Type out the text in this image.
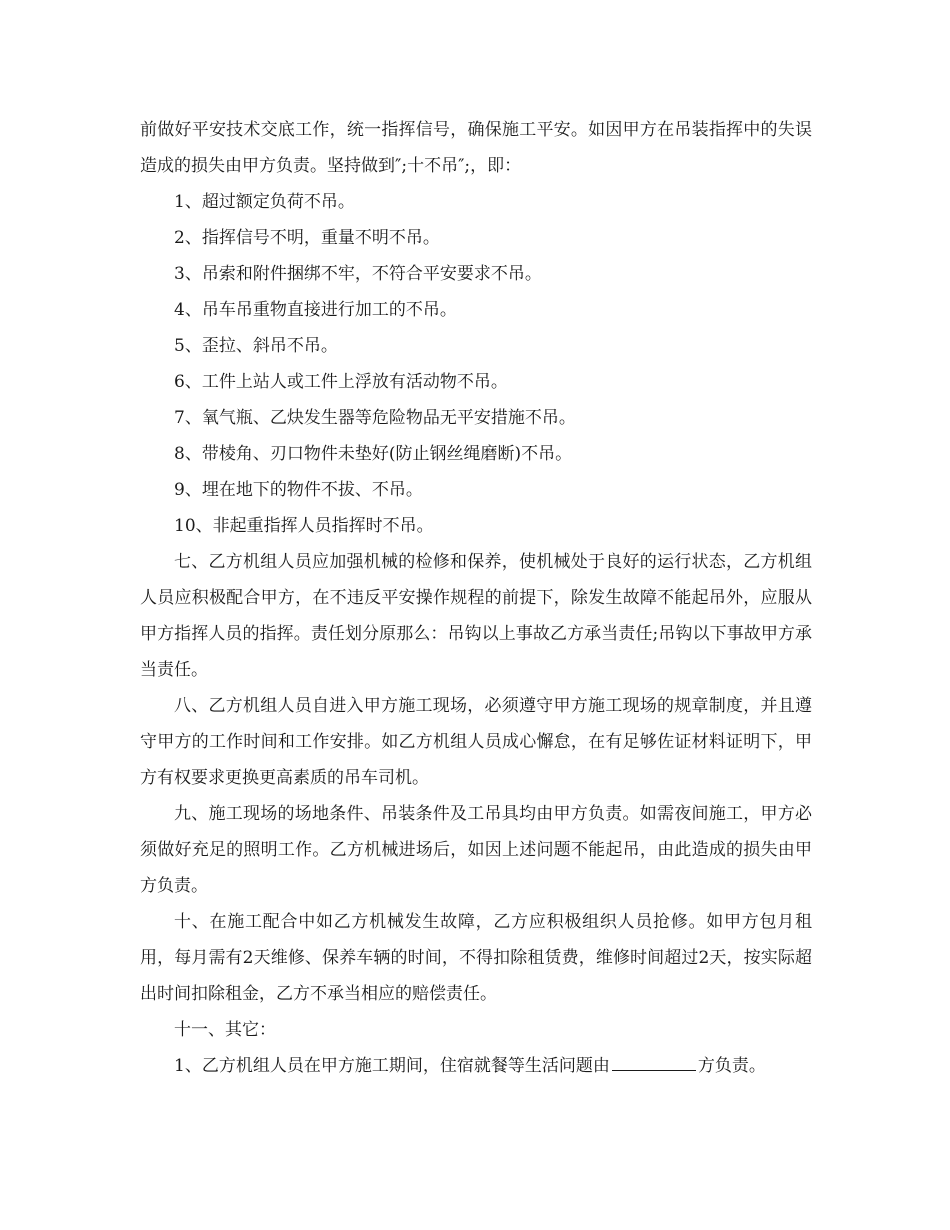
前做好平安技术交底工作，统一指挥信号，确保施工平安。如因甲方在吊装指挥中的失误造成的损失由甲方负责。坚持做到″;十不吊″;，即：

1、超过额定负荷不吊。

2、指挥信号不明，重量不明不吊。

3、吊索和附件捆绑不牢，不符合平安要求不吊。

4、吊车吊重物直接进行加工的不吊。

5、歪拉、斜吊不吊。

6、工件上站人或工件上浮放有活动物不吊。

7、氧气瓶、乙炔发生器等危险物品无平安措施不吊。

8、带棱角、刃口物件未垫好(防止钢丝绳磨断)不吊。

9、埋在地下的物件不拔、不吊。

10、非起重指挥人员指挥时不吊。

七、乙方机组人员应加强机械的检修和保养，使机械处于良好的运行状态，乙方机组人员应积极配合甲方，在不违反平安操作规程的前提下，除发生故障不能起吊外，应服从甲方指挥人员的指挥。责任划分原那么：吊钩以上事故乙方承当责任;吊钩以下事故甲方承当责任。

八、乙方机组人员自进入甲方施工现场，必须遵守甲方施工现场的规章制度，并且遵守甲方的工作时间和工作安排。如乙方机组人员成心懈怠，在有足够佐证材料证明下，甲方有权要求更换更高素质的吊车司机。

九、施工现场的场地条件、吊装条件及工吊具均由甲方负责。如需夜间施工，甲方必须做好充足的照明工作。乙方机械进场后，如因上述问题不能起吊，由此造成的损失由甲方负责。

十、在施工配合中如乙方机械发生故障，乙方应积极组织人员抢修。如甲方包月租用，每月需有2天维修、保养车辆的时间，不得扣除租赁费，维修时间超过2天，按实际超出时间扣除租金，乙方不承当相应的赔偿责任。

十一、其它：

1、乙方机组人员在甲方施工期间，住宿就餐等生活问题由	方负责。
